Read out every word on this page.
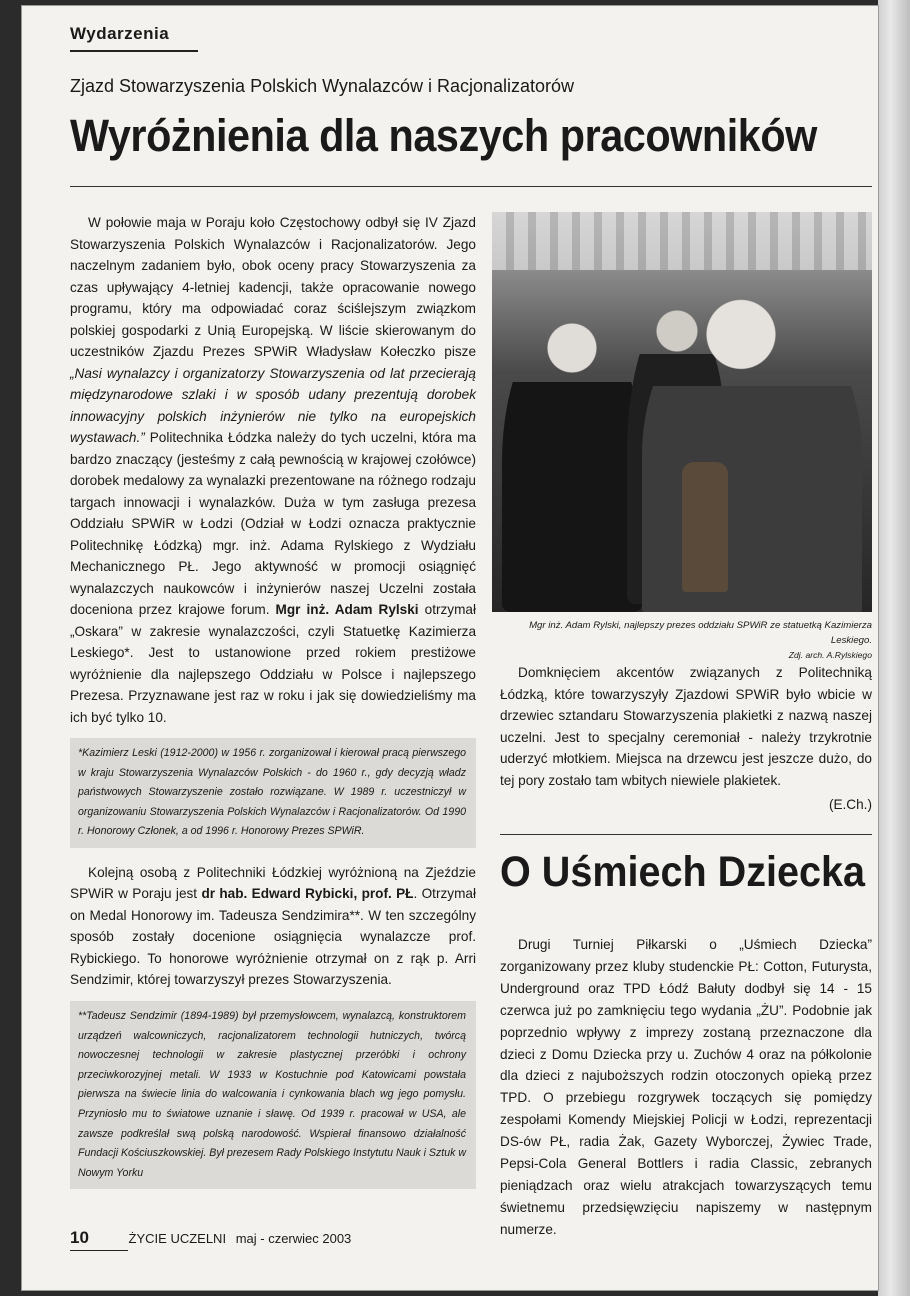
Wydarzenia
Zjazd Stowarzyszenia Polskich Wynalazców i Racjonalizatorów
Wyróżnienia dla naszych pracowników

W połowie maja w Poraju koło Częstochowy odbył się IV Zjazd Stowarzyszenia Polskich Wynalazców i Racjonalizatorów. Jego naczelnym zadaniem było, obok oceny pracy Stowarzyszenia za czas upływający 4-letniej kadencji, także opracowanie nowego programu, który ma odpowiadać coraz ściślejszym związkom polskiej gospodarki z Unią Europejską. W liście skierowanym do uczestników Zjazdu Prezes SPWiR Władysław Kołeczko pisze „Nasi wynalazcy i organizatorzy Stowarzyszenia od lat przecierają międzynarodowe szlaki i w sposób udany prezentują dorobek innowacyjny polskich inżynierów nie tylko na europejskich wystawach.” Politechnika Łódzka należy do tych uczelni, która ma bardzo znaczący (jesteśmy z całą pewnością w krajowej czołówce) dorobek medalowy za wynalazki prezentowane na różnego rodzaju targach innowacji i wynalazków. Duża w tym zasługa prezesa Oddziału SPWiR w Łodzi (Odział w Łodzi oznacza praktycznie Politechnikę Łódzką) mgr. inż. Adama Rylskiego z Wydziału Mechanicznego PŁ. Jego aktywność w promocji osiągnięć wynalazczych naukowców i inżynierów naszej Uczelni została doceniona przez krajowe forum. Mgr inż. Adam Rylski otrzymał „Oskara” w zakresie wynalazczości, czyli Statuetkę Kazimierza Leskiego*. Jest to ustanowione przed rokiem prestiżowe wyróżnienie dla najlepszego Oddziału w Polsce i najlepszego Prezesa. Przyznawane jest raz w roku i jak się dowiedzieliśmy ma ich być tylko 10.

*Kazimierz Leski (1912-2000) w 1956 r. zorganizował i kierował pracą pierwszego w kraju Stowarzyszenia Wynalazców Polskich - do 1960 r., gdy decyzją władz państwowych Stowarzyszenie zostało rozwiązane. W 1989 r. uczestniczył w organizowaniu Stowarzyszenia Polskich Wynalazców i Racjonalizatorów. Od 1990 r. Honorowy Członek, a od 1996 r. Honorowy Prezes SPWiR.

Kolejną osobą z Politechniki Łódzkiej wyróżnioną na Zjeździe SPWiR w Poraju jest dr hab. Edward Rybicki, prof. PŁ. Otrzymał on Medal Honorowy im. Tadeusza Sendzimira**. W ten szczególny sposób zostały docenione osiągnięcia wynalazcze prof. Rybickiego. To honorowe wyróżnienie otrzymał on z rąk p. Arri Sendzimir, której towarzyszył prezes Stowarzyszenia.

**Tadeusz Sendzimir (1894-1989) był przemysłowcem, wynalazcą, konstruktorem urządzeń walcowniczych, racjonalizatorem technologii hutniczych, twórcą nowoczesnej technologii w zakresie plastycznej przeróbki i ochrony przeciwkorozyjnej metali. W 1933 w Kostuchnie pod Katowicami powstała pierwsza na świecie linia do walcowania i cynkowania blach wg jego pomysłu. Przyniosło mu to światowe uznanie i sławę. Od 1939 r. pracował w USA, ale zawsze podkreślał swą polską narodowość. Wspierał finansowo działalność Fundacji Kościuszkowskiej. Był prezesem Rady Polskiego Instytutu Nauk i Sztuk w Nowym Yorku
Mgr inż. Adam Rylski, najlepszy prezes oddziału SPWiR ze statuetką Kazimierza Leskiego.
Zdj. arch. A.Rylskiego

Domknięciem akcentów związanych z Politechniką Łódzką, które towarzyszyły Zjazdowi SPWiR było wbicie w drzewiec sztandaru Stowarzyszenia plakietki z nazwą naszej uczelni. Jest to specjalny ceremoniał - należy trzykrotnie uderzyć młotkiem. Miejsca na drzewcu jest jeszcze dużo, do tej pory zostało tam wbitych niewiele plakietek.

(E.Ch.)
O Uśmiech Dziecka

Drugi Turniej Piłkarski o „Uśmiech Dziecka” zorganizowany przez kluby studenckie PŁ: Cotton, Futurysta, Underground oraz TPD Łódź Bałuty dodbył się 14 - 15 czerwca już po zamknięciu tego wydania „ŻU”. Podobnie jak poprzednio wpływy z imprezy zostaną przeznaczone dla dzieci z Domu Dziecka przy u. Zuchów 4 oraz na półkolonie dla dzieci z najuboższych rodzin otoczonych opieką przez TPD. O przebiegu rozgrywek toczących się pomiędzy zespołami Komendy Miejskiej Policji w Łodzi, reprezentacji DS-ów PŁ, radia Żak, Gazety Wyborczej, Żywiec Trade, Pepsi-Cola General Bottlers i radia Classic, zebranych pieniądzach oraz wielu atrakcjach towarzyszących temu świetnemu przedsięwzięciu napiszemy w następnym numerze.

10	ŻYCIE UCZELNI maj - czerwiec 2003
